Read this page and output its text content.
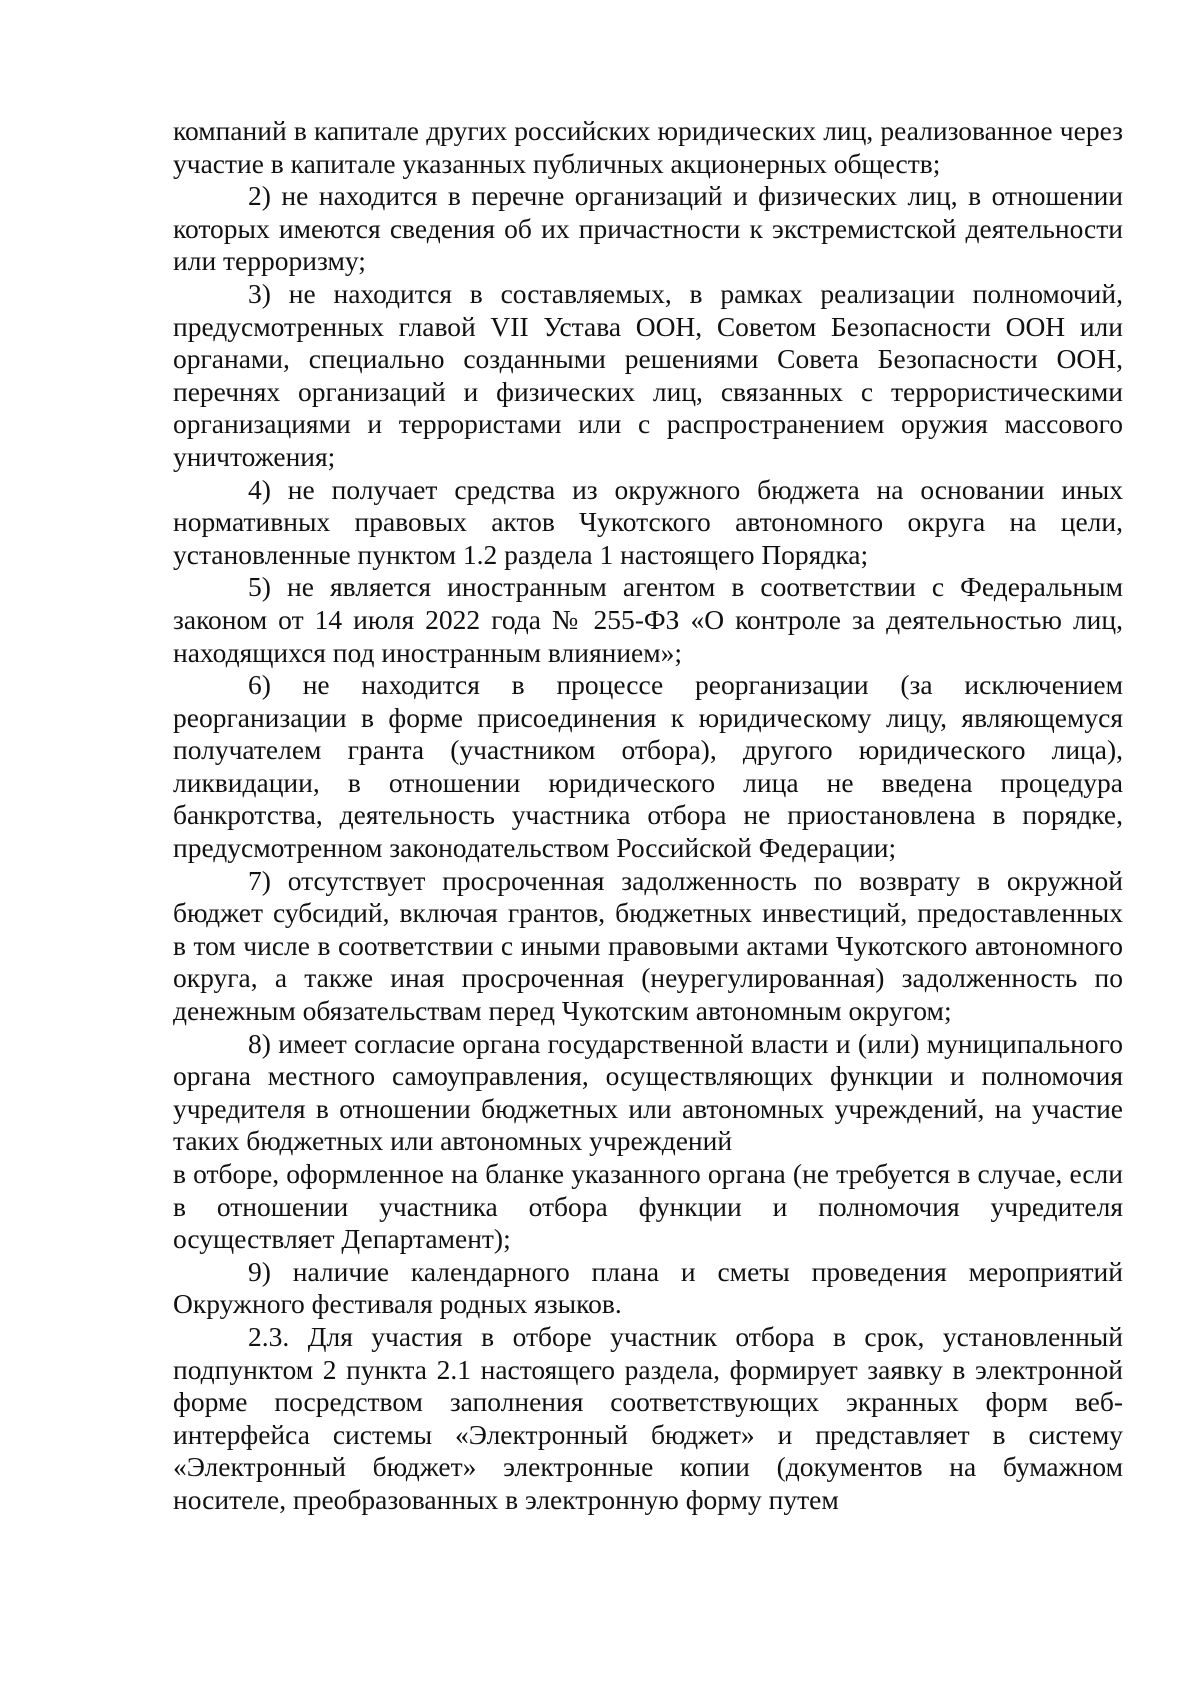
компаний в капитале других российских юридических лиц, реализованное через участие в капитале указанных публичных акционерных обществ;

2) не находится в перечне организаций и физических лиц, в отношении которых имеются сведения об их причастности к экстремистской деятельности или терроризму;

3) не находится в составляемых, в рамках реализации полномочий, предусмотренных главой VII Устава ООН, Советом Безопасности ООН или органами, специально созданными решениями Совета Безопасности ООН, перечнях организаций и физических лиц, связанных с террористическими организациями и террористами или с распространением оружия массового уничтожения;

4) не получает средства из окружного бюджета на основании иных нормативных правовых актов Чукотского автономного округа на цели, установленные пунктом 1.2 раздела 1 настоящего Порядка;

5) не является иностранным агентом в соответствии с Федеральным законом от 14 июля 2022 года № 255-ФЗ «О контроле за деятельностью лиц, находящихся под иностранным влиянием»;

6) не находится в процессе реорганизации (за исключением реорганизации в форме присоединения к юридическому лицу, являющемуся получателем гранта (участником отбора), другого юридического лица), ликвидации, в отношении юридического лица не введена процедура банкротства, деятельность участника отбора не приостановлена в порядке, предусмотренном законодательством Российской Федерации;

7) отсутствует просроченная задолженность по возврату в окружной бюджет субсидий, включая грантов, бюджетных инвестиций, предоставленных в том числе в соответствии с иными правовыми актами Чукотского автономного округа, а также иная просроченная (неурегулированная) задолженность по денежным обязательствам перед Чукотским автономным округом;

8) имеет согласие органа государственной власти и (или) муниципального органа местного самоуправления, осуществляющих функции и полномочия учредителя в отношении бюджетных или автономных учреждений, на участие таких бюджетных или автономных учреждений

в отборе, оформленное на бланке указанного органа (не требуется в случае, если в отношении участника отбора функции и полномочия учредителя осуществляет Департамент);

9) наличие календарного плана и сметы проведения мероприятий Окружного фестиваля родных языков.

2.3. Для участия в отборе участник отбора в срок, установленный подпунктом 2 пункта 2.1 настоящего раздела, формирует заявку в электронной форме посредством заполнения соответствующих экранных форм веб-интерфейса системы «Электронный бюджет» и представляет в систему «Электронный бюджет» электронные копии (документов на бумажном носителе, преобразованных в электронную форму путем
